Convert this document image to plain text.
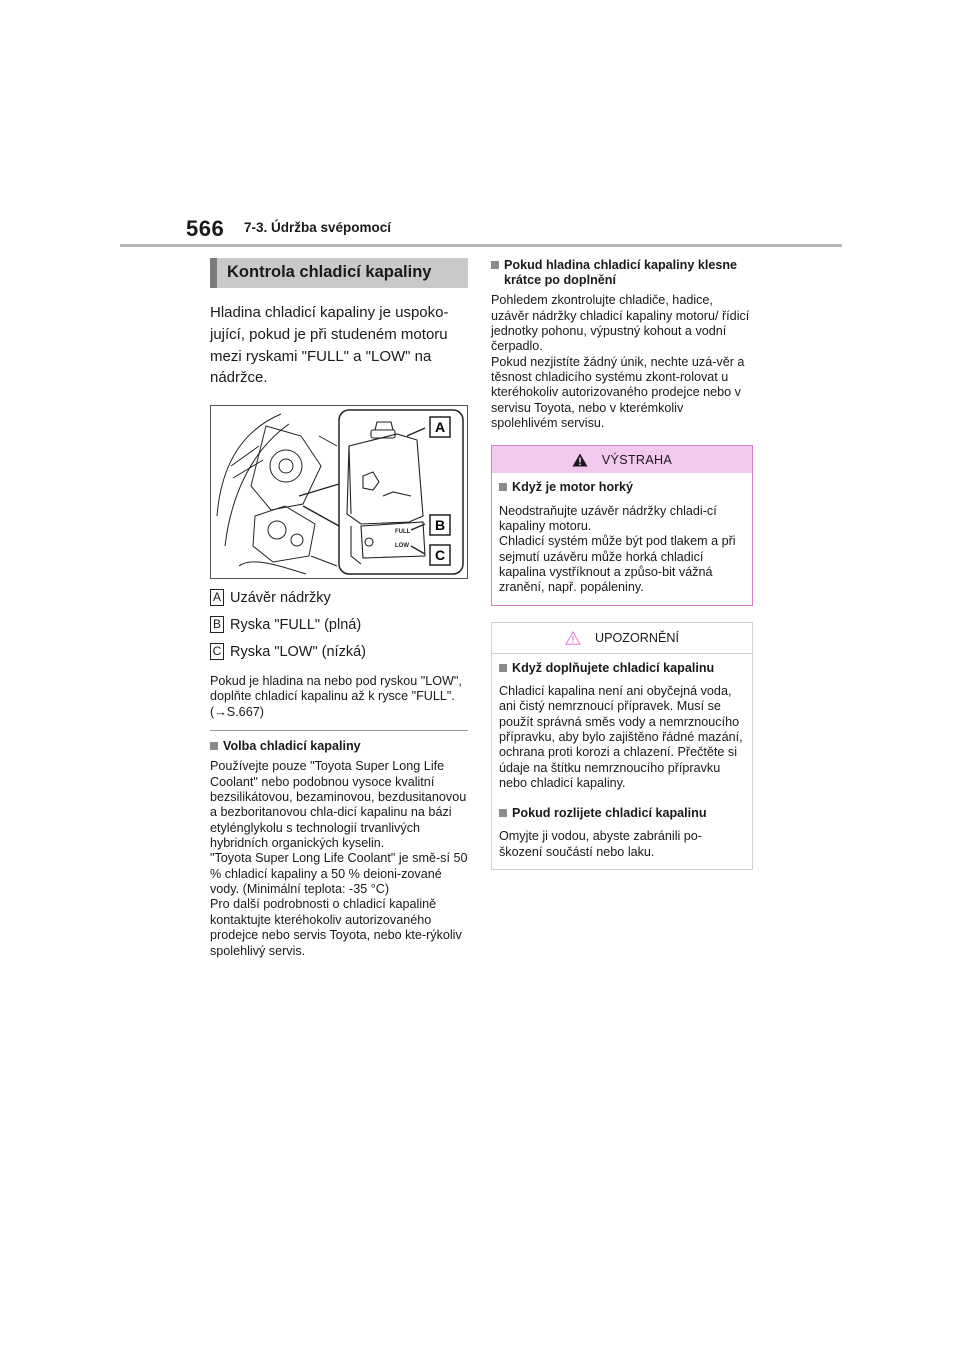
566 7-3. Údržba svépomocí
Kontrola chladicí kapaliny

Hladina chladicí kapaliny je uspoko-jující, pokud je při studeném motoru mezi ryskami "FULL" a "LOW" na nádržce.

FULL
LOW
A
B
C
A Uzávěr nádržky
B Ryska "FULL" (plná)
C Ryska "LOW" (nízká)
Pokud je hladina na nebo pod ryskou "LOW", doplňte chladicí kapalinu až k rysce "FULL". (→S.667)
Volba chladicí kapaliny
Používejte pouze "Toyota Super Long Life Coolant" nebo podobnou vysoce kvalitní bezsilikátovou, bezaminovou, bezdusitanovou a bezboritanovou chla-dicí kapalinu na bázi etylénglykolu s technologií trvanlivých hybridních organických kyselin.
"Toyota Super Long Life Coolant" je smě-sí 50 % chladicí kapaliny a 50 % deioni-zované vody. (Minimální teplota: -35 °C)
Pro další podrobnosti o chladicí kapalině kontaktujte kteréhokoliv autorizovaného prodejce nebo servis Toyota, nebo kte-rýkoliv spolehlivý servis.
Pokud hladina chladicí kapaliny klesne krátce po doplnění
Pohledem zkontrolujte chladiče, hadice, uzávěr nádržky chladicí kapaliny motoru/ řídicí jednotky pohonu, výpustný kohout a vodní čerpadlo.
Pokud nezjistíte žádný únik, nechte uzá-věr a těsnost chladicího systému zkont-rolovat u kteréhokoliv autorizovaného prodejce nebo v servisu Toyota, nebo v kterémkoliv spolehlivém servisu.
VÝSTRAHA
Když je motor horký
Neodstraňujte uzávěr nádržky chladi-cí kapaliny motoru.
Chladicí systém může být pod tlakem a při sejmutí uzávěru může horká chladicí kapalina vystříknout a způso-bit vážná zranění, např. popáleniny.
UPOZORNĚNÍ
Když doplňujete chladicí kapalinu
Chladicí kapalina není ani obyčejná voda, ani čistý nemrznoucí přípravek. Musí se použít správná směs vody a nemrznoucího přípravku, aby bylo zajištěno řádné mazání, ochrana proti korozi a chlazení. Přečtěte si údaje na štítku nemrznoucího přípravku nebo chladicí kapaliny.
Pokud rozlijete chladicí kapalinu
Omyjte ji vodou, abyste zabránili po-škození součástí nebo laku.
